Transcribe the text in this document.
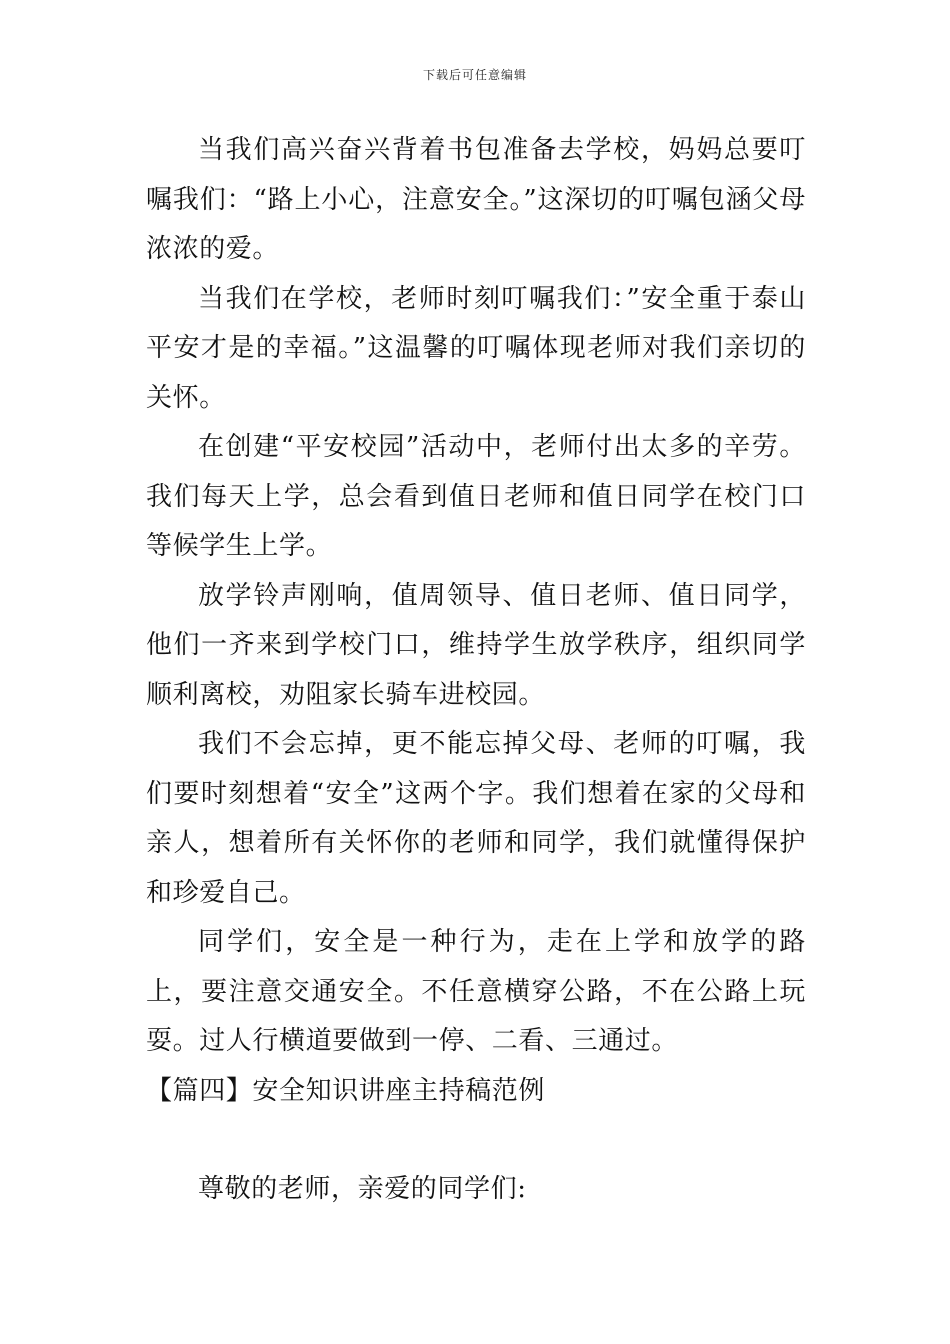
下载后可任意编辑

当我们高兴奋兴背着书包准备去学校，妈妈总要叮嘱我们：“路上小心，注意安全。”这深切的叮嘱包涵父母浓浓的爱。

当我们在学校，老师时刻叮嘱我们：”安全重于泰山平安才是的幸福。”这温馨的叮嘱体现老师对我们亲切的关怀。

在创建“平安校园”活动中，老师付出太多的辛劳。我们每天上学，总会看到值日老师和值日同学在校门口等候学生上学。

放学铃声刚响，值周领导、值日老师、值日同学，他们一齐来到学校门口，维持学生放学秩序，组织同学顺利离校，劝阻家长骑车进校园。

我们不会忘掉，更不能忘掉父母、老师的叮嘱，我们要时刻想着“安全”这两个字。我们想着在家的父母和亲人，想着所有关怀你的老师和同学，我们就懂得保护和珍爱自己。

同学们，安全是一种行为，走在上学和放学的路上，要注意交通安全。不任意横穿公路，不在公路上玩耍。过人行横道要做到一停、二看、三通过。

【篇四】安全知识讲座主持稿范例

尊敬的老师，亲爱的同学们:
